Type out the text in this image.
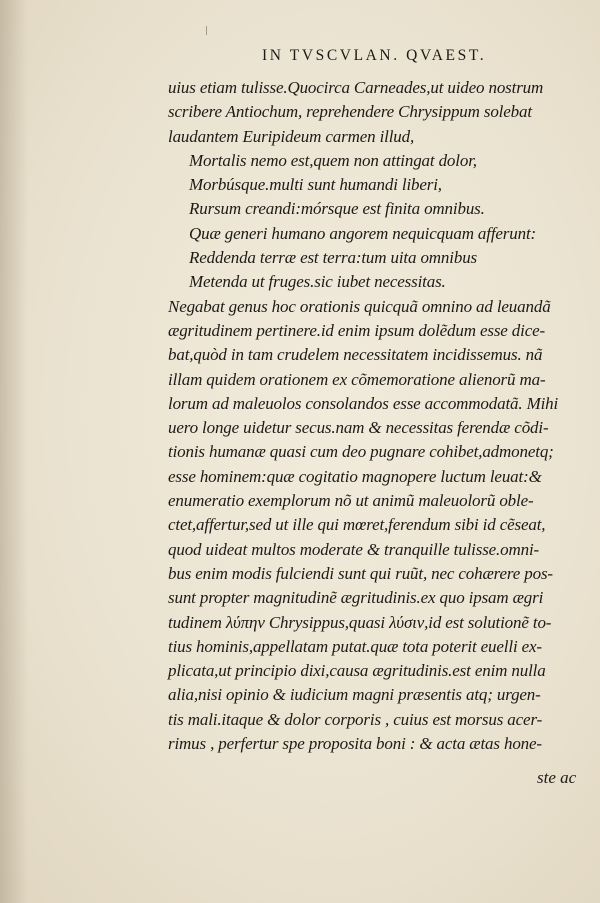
IN TVSCVLAN. QVAEST.
uius etiam tulisse.Quocirca Carneades,ut uideo nostrum
scribere Antiochum, reprehendere Chrysippum solebat
laudantem Euripideum carmen illud,
Mortalis nemo est,quem non attingat dolor,
Morbúsque.multi sunt humandi liberi,
Rursum creandi:mórsque est finita omnibus.
Quæ generi humano angorem nequicquam afferunt:
Reddenda terræ est terra:tum uita omnibus
Metenda ut fruges.sic iubet necessitas.
Negabat genus hoc orationis quicquã omnino ad leuandã
ægritudinem pertinere.id enim ipsum dolẽdum esse dice-
bat,quòd in tam crudelem necessitatem incidissemus. nã
illam quidem orationem ex cõmemoratione alienorũ ma-
lorum ad maleuolos consolandos esse accommodatã. Mihi
uero longe uidetur secus.nam & necessitas ferendæ cõdi-
tionis humanæ quasi cum deo pugnare cohibet,admonetq;
esse hominem:quæ cogitatio magnopere luctum leuat:&
enumeratio exemplorum nõ ut animũ maleuolorũ oble-
ctet,affertur,sed ut ille qui mœret,ferendum sibi id cẽseat,
quod uideat multos moderate & tranquille tulisse.omni-
bus enim modis fulciendi sunt qui ruũt, nec cohærere pos-
sunt propter magnitudinẽ ægritudinis.ex quo ipsam ægri
tudinem λύπην Chrysippus,quasi λύσιν,id est solutionẽ to-
tius hominis,appellatam putat.quæ tota poterit euelli ex-
plicata,ut principio dixi,causa ægritudinis.est enim nulla
alia,nisi opinio & iudicium magni præsentis atq; urgen-
tis mali.itaque & dolor corporis , cuius est morsus acer-
rimus , perfertur spe proposita boni : & acta ætas hone-
ste ac
